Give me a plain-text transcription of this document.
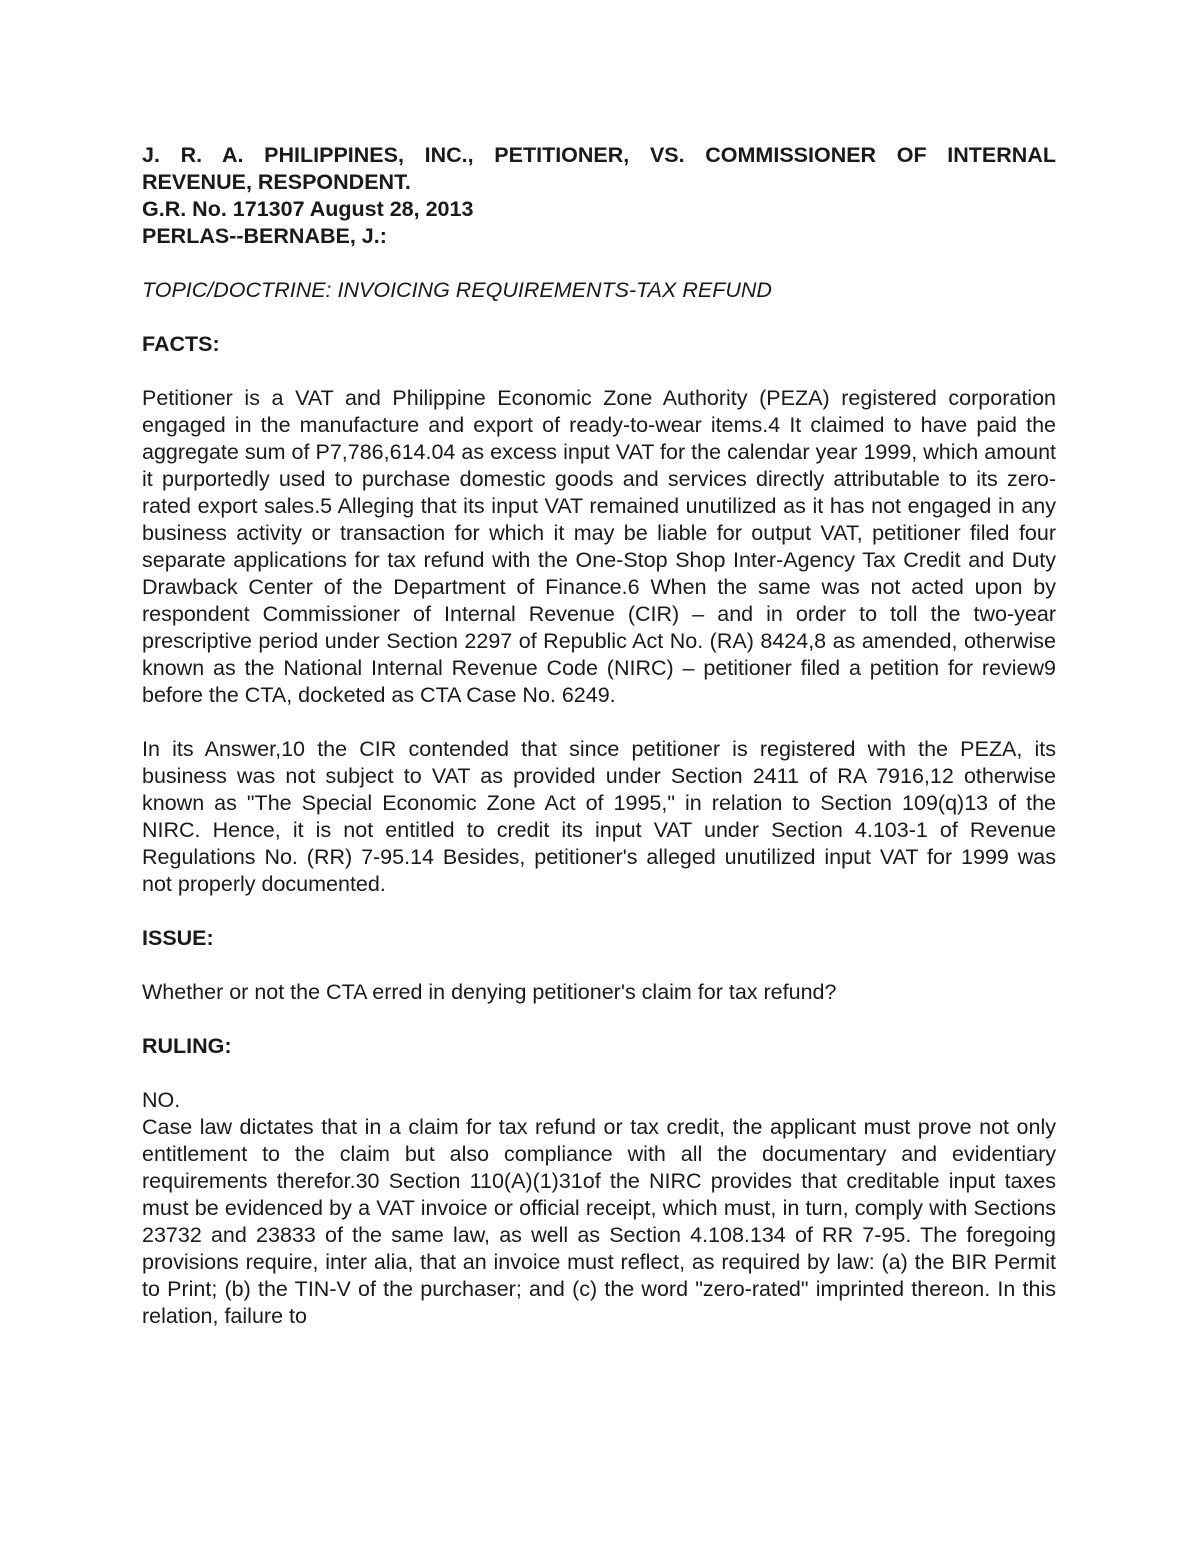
J. R. A. PHILIPPINES, INC., PETITIONER, VS. COMMISSIONER OF INTERNAL
REVENUE, RESPONDENT.
G.R. No. 171307 August 28, 2013
PERLAS--BERNABE, J.:
TOPIC/DOCTRINE: INVOICING REQUIREMENTS-TAX REFUND
FACTS:
Petitioner is a VAT and Philippine Economic Zone Authority (PEZA) registered corporation engaged in the manufacture and export of ready-to-wear items.4 It claimed to have paid the aggregate sum of P7,786,614.04 as excess input VAT for the calendar year 1999, which amount it purportedly used to purchase domestic goods and services directly attributable to its zero-rated export sales.5 Alleging that its input VAT remained unutilized as it has not engaged in any business activity or transaction for which it may be liable for output VAT, petitioner filed four separate applications for tax refund with the One-Stop Shop Inter-Agency Tax Credit and Duty Drawback Center of the Department of Finance.6 When the same was not acted upon by respondent Commissioner of Internal Revenue (CIR) – and in order to toll the two-year prescriptive period under Section 2297 of Republic Act No. (RA) 8424,8 as amended, otherwise known as the National Internal Revenue Code (NIRC) – petitioner filed a petition for review9 before the CTA, docketed as CTA Case No. 6249.
In its Answer,10 the CIR contended that since petitioner is registered with the PEZA, its business was not subject to VAT as provided under Section 2411 of RA 7916,12 otherwise known as "The Special Economic Zone Act of 1995," in relation to Section 109(q)13 of the NIRC. Hence, it is not entitled to credit its input VAT under Section 4.103-1 of Revenue Regulations No. (RR) 7-95.14 Besides, petitioner's alleged unutilized input VAT for 1999 was not properly documented.
ISSUE:
Whether or not the CTA erred in denying petitioner's claim for tax refund?
RULING:
NO.
Case law dictates that in a claim for tax refund or tax credit, the applicant must prove not only entitlement to the claim but also compliance with all the documentary and evidentiary requirements therefor.30 Section 110(A)(1)31of the NIRC provides that creditable input taxes must be evidenced by a VAT invoice or official receipt, which must, in turn, comply with Sections 23732 and 23833 of the same law, as well as Section 4.108.134 of RR 7-95. The foregoing provisions require, inter alia, that an invoice must reflect, as required by law: (a) the BIR Permit to Print; (b) the TIN-V of the purchaser; and (c) the word "zero-rated" imprinted thereon. In this relation, failure to
